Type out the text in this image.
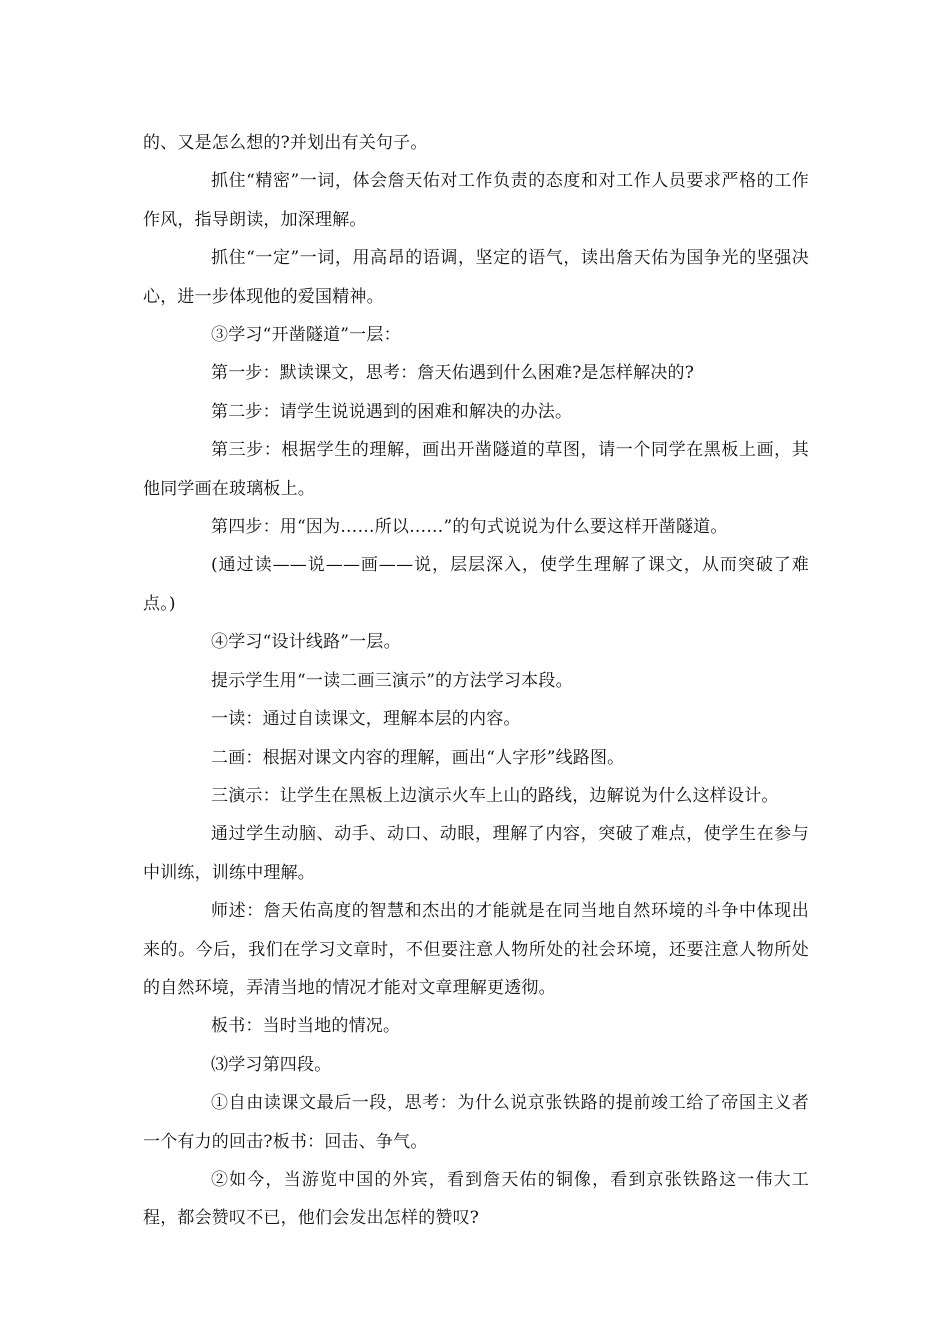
的、又是怎么想的?并划出有关句子。

抓住“精密”一词，体会詹天佑对工作负责的态度和对工作人员要求严格的工作作风，指导朗读，加深理解。

抓住“一定”一词，用高昂的语调，坚定的语气，读出詹天佑为国争光的坚强决心，进一步体现他的爱国精神。

③学习“开凿隧道”一层：

第一步：默读课文，思考：詹天佑遇到什么困难?是怎样解决的?

第二步：请学生说说遇到的困难和解决的办法。

第三步：根据学生的理解，画出开凿隧道的草图，请一个同学在黑板上画，其他同学画在玻璃板上。

第四步：用“因为……所以……”的句式说说为什么要这样开凿隧道。

(通过读——说——画——说，层层深入，使学生理解了课文，从而突破了难点。)

④学习“设计线路”一层。

提示学生用“一读二画三演示”的方法学习本段。

一读：通过自读课文，理解本层的内容。

二画：根据对课文内容的理解，画出“人字形”线路图。

三演示：让学生在黑板上边演示火车上山的路线，边解说为什么这样设计。

通过学生动脑、动手、动口、动眼，理解了内容，突破了难点，使学生在参与中训练，训练中理解。

师述：詹天佑高度的智慧和杰出的才能就是在同当地自然环境的斗争中体现出来的。今后，我们在学习文章时，不但要注意人物所处的社会环境，还要注意人物所处的自然环境，弄清当地的情况才能对文章理解更透彻。

板书：当时当地的情况。

⑶学习第四段。

①自由读课文最后一段，思考：为什么说京张铁路的提前竣工给了帝国主义者一个有力的回击?板书：回击、争气。

②如今，当游览中国的外宾，看到詹天佑的铜像，看到京张铁路这一伟大工程，都会赞叹不已，他们会发出怎样的赞叹?
